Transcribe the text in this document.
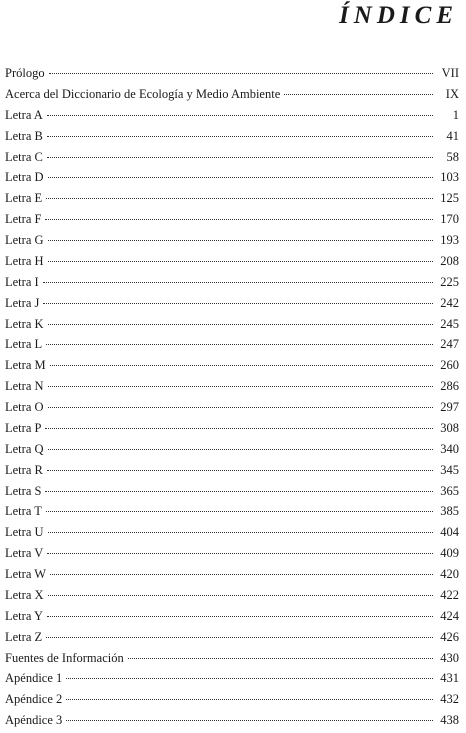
ÍNDICE
Prólogo	VII
Acerca del Diccionario de Ecología y Medio Ambiente	IX
Letra A	1
Letra B	41
Letra C	58
Letra D	103
Letra E	125
Letra F	170
Letra G	193
Letra H	208
Letra I	225
Letra J	242
Letra K	245
Letra L	247
Letra M	260
Letra N	286
Letra O	297
Letra P	308
Letra Q	340
Letra R	345
Letra S	365
Letra T	385
Letra U	404
Letra V	409
Letra W	420
Letra X	422
Letra Y	424
Letra Z	426
Fuentes de Información	430
Apéndice 1	431
Apéndice 2	432
Apéndice 3	438
